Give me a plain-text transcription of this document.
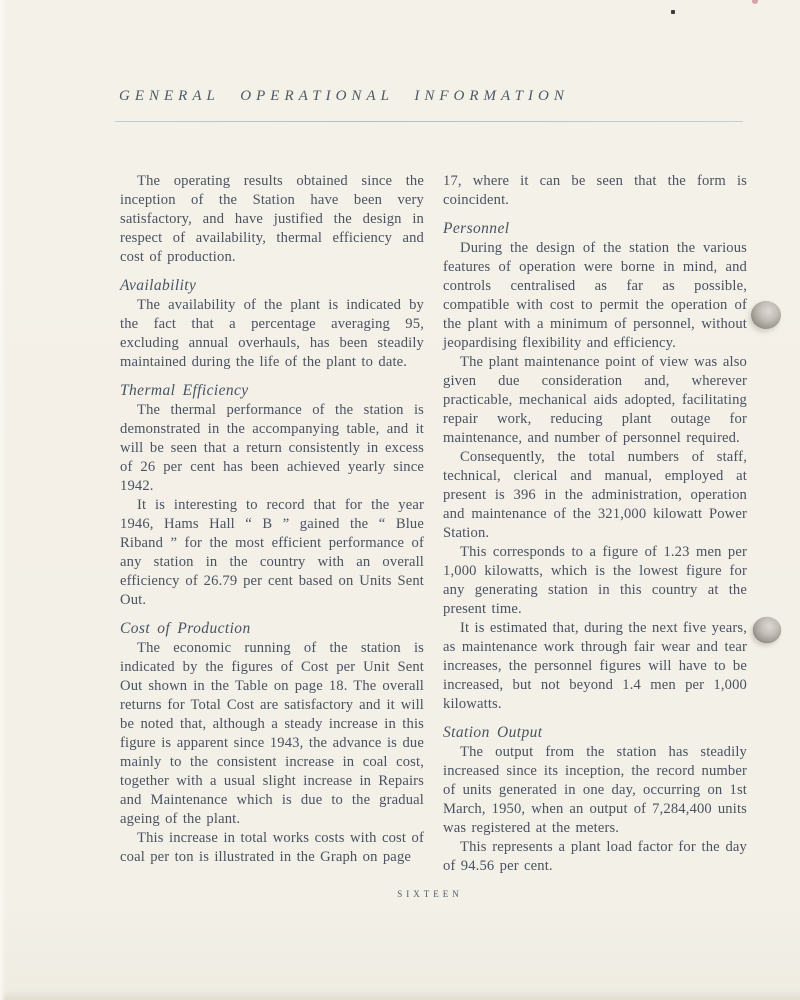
GENERAL OPERATIONAL INFORMATION

The operating results obtained since the inception of the Station have been very satisfactory, and have justified the design in respect of availability, thermal efficiency and cost of production.

Availability

The availability of the plant is indicated by the fact that a percentage averaging 95, excluding annual overhauls, has been steadily maintained during the life of the plant to date.

Thermal Efficiency

The thermal performance of the station is demonstrated in the accompanying table, and it will be seen that a return consistently in excess of 26 per cent has been achieved yearly since 1942.

It is interesting to record that for the year 1946, Hams Hall “ B ” gained the “ Blue Riband ” for the most efficient performance of any station in the country with an overall efficiency of 26.79 per cent based on Units Sent Out.

Cost of Production

The economic running of the station is indicated by the figures of Cost per Unit Sent Out shown in the Table on page 18. The overall returns for Total Cost are satisfactory and it will be noted that, although a steady increase in this figure is apparent since 1943, the advance is due mainly to the consistent increase in coal cost, together with a usual slight increase in Repairs and Maintenance which is due to the gradual ageing of the plant.

This increase in total works costs with cost of coal per ton is illustrated in the Graph on page

17, where it can be seen that the form is coincident.

Personnel

During the design of the station the various features of operation were borne in mind, and controls centralised as far as possible, compatible with cost to permit the operation of the plant with a minimum of personnel, without jeopardising flexibility and efficiency.

The plant maintenance point of view was also given due consideration and, wherever practicable, mechanical aids adopted, facilitating repair work, reducing plant outage for maintenance, and number of personnel required.

Consequently, the total numbers of staff, technical, clerical and manual, employed at present is 396 in the administration, operation and maintenance of the 321,000 kilowatt Power Station.

This corresponds to a figure of 1.23 men per 1,000 kilowatts, which is the lowest figure for any generating station in this country at the present time.

It is estimated that, during the next five years, as maintenance work through fair wear and tear increases, the personnel figures will have to be increased, but not beyond 1.4 men per 1,000 kilowatts.

Station Output

The output from the station has steadily increased since its inception, the record number of units generated in one day, occurring on 1st March, 1950, when an output of 7,284,400 units was registered at the meters.

This represents a plant load factor for the day of 94.56 per cent.

SIXTEEN
